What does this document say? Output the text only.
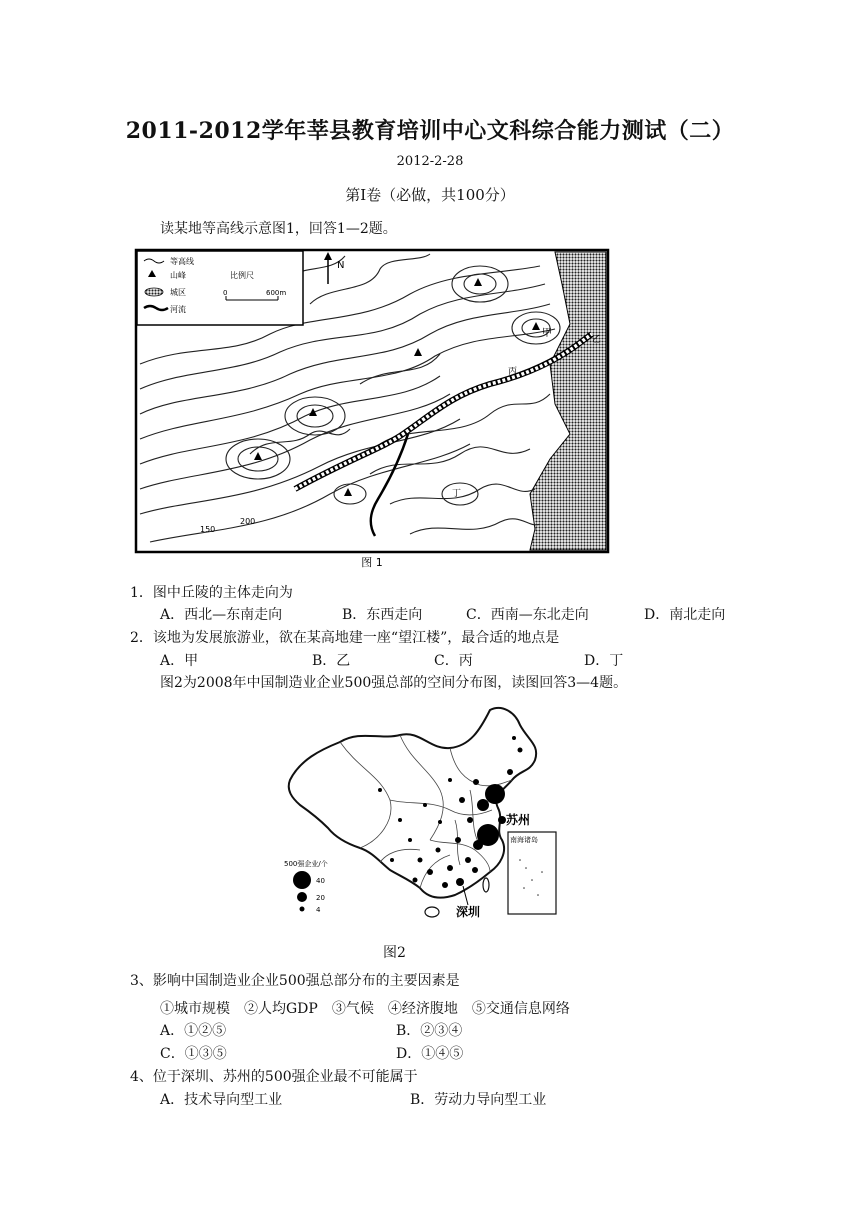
2011-2012学年莘县教育培训中心文科综合能力测试（二）
2012-2-28
第Ⅰ卷（必做，共100分）
读某地等高线示意图1，回答1—2题。
N
等高线
山峰
城区
河流
比例尺
0	600m
甲
乙
丙
丁
150
200
图 1
1．图中丘陵的主体走向为
A．西北—东南走向	B．东西走向	C．西南—东北走向	D．南北走向
2．该地为发展旅游业，欲在某高地建一座“望江楼”，最合适的地点是
A．甲	B．乙	C．丙	D．丁
图2为2008年中国制造业企业500强总部的空间分布图，读图回答3—4题。
南海诸岛
苏州
深圳
500强企业/个
40
20
4
图2
3、影响中国制造业企业500强总部分布的主要因素是
①城市规模　②人均GDP　③气候　④经济腹地　⑤交通信息网络
A．①②⑤	B．②③④
C．①③⑤	D．①④⑤
4、位于深圳、苏州的500强企业最不可能属于
A．技术导向型工业	B．劳动力导向型工业
